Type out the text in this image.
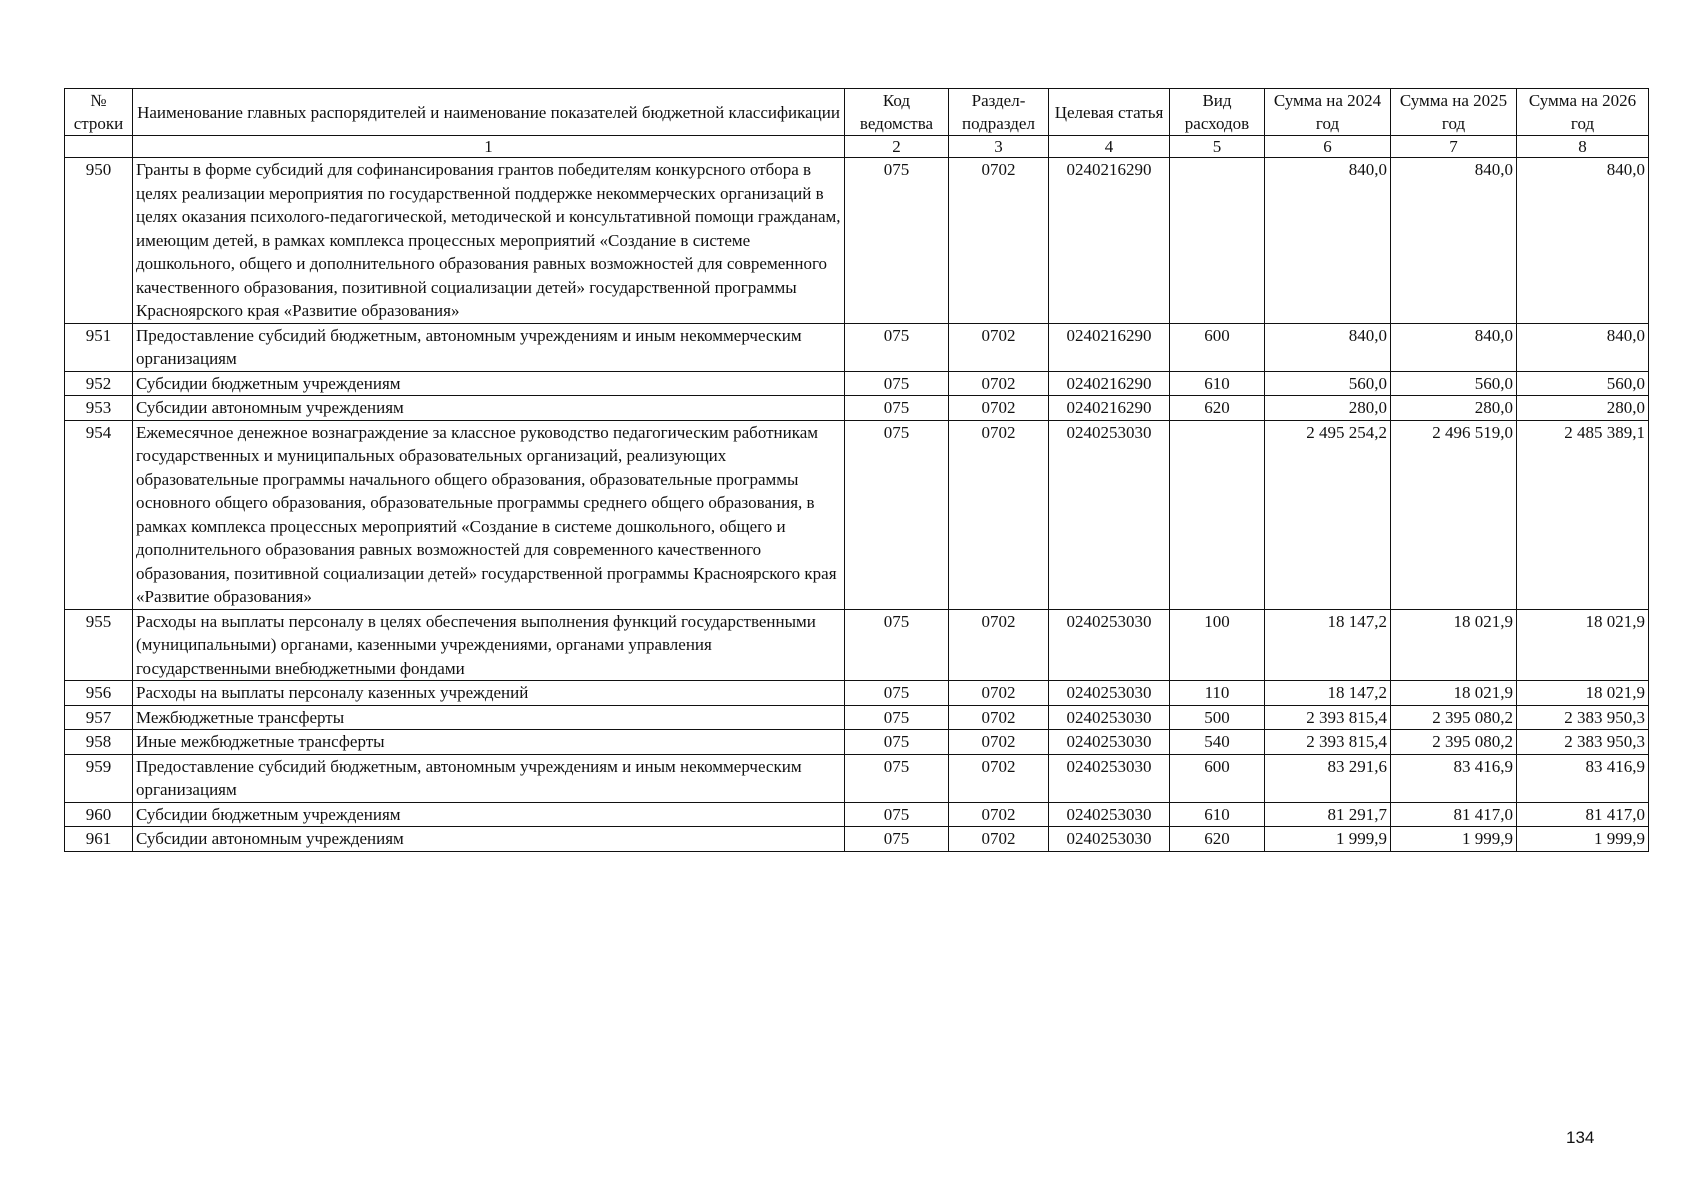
№ строки	Наименование главных распорядителей и наименование показателей бюджетной классификации	Код ведомства	Раздел-подраздел	Целевая статья	Вид расходов	Сумма на 2024 год	Сумма на 2025 год	Сумма на 2026 год
	1	2	3	4	5	6	7	8
950	Гранты в форме субсидий для софинансирования грантов победителям конкурсного отбора в целях реализации мероприятия по государственной поддержке некоммерческих организаций в целях оказания психолого-педагогической, методической и консультативной помощи гражданам, имеющим детей, в рамках комплекса процессных мероприятий «Создание в системе дошкольного, общего и дополнительного образования равных возможностей для современного качественного образования, позитивной социализации детей» государственной программы Красноярского края «Развитие образования»	075	0702	0240216290		840,0	840,0	840,0
951	Предоставление субсидий бюджетным, автономным учреждениям и иным некоммерческим организациям	075	0702	0240216290	600	840,0	840,0	840,0
952	Субсидии бюджетным учреждениям	075	0702	0240216290	610	560,0	560,0	560,0
953	Субсидии автономным учреждениям	075	0702	0240216290	620	280,0	280,0	280,0
954	Ежемесячное денежное вознаграждение за классное руководство педагогическим работникам государственных и муниципальных образовательных организаций, реализующих образовательные программы начального общего образования, образовательные программы основного общего образования, образовательные программы среднего общего образования, в рамках комплекса процессных мероприятий «Создание в системе дошкольного, общего и дополнительного образования равных возможностей для современного качественного образования, позитивной социализации детей» государственной программы Красноярского края «Развитие образования»	075	0702	0240253030		2 495 254,2	2 496 519,0	2 485 389,1
955	Расходы на выплаты персоналу в целях обеспечения выполнения функций государственными (муниципальными) органами, казенными учреждениями, органами управления государственными внебюджетными фондами	075	0702	0240253030	100	18 147,2	18 021,9	18 021,9
956	Расходы на выплаты персоналу казенных учреждений	075	0702	0240253030	110	18 147,2	18 021,9	18 021,9
957	Межбюджетные трансферты	075	0702	0240253030	500	2 393 815,4	2 395 080,2	2 383 950,3
958	Иные межбюджетные трансферты	075	0702	0240253030	540	2 393 815,4	2 395 080,2	2 383 950,3
959	Предоставление субсидий бюджетным, автономным учреждениям и иным некоммерческим организациям	075	0702	0240253030	600	83 291,6	83 416,9	83 416,9
960	Субсидии бюджетным учреждениям	075	0702	0240253030	610	81 291,7	81 417,0	81 417,0
961	Субсидии автономным учреждениям	075	0702	0240253030	620	1 999,9	1 999,9	1 999,9
134
